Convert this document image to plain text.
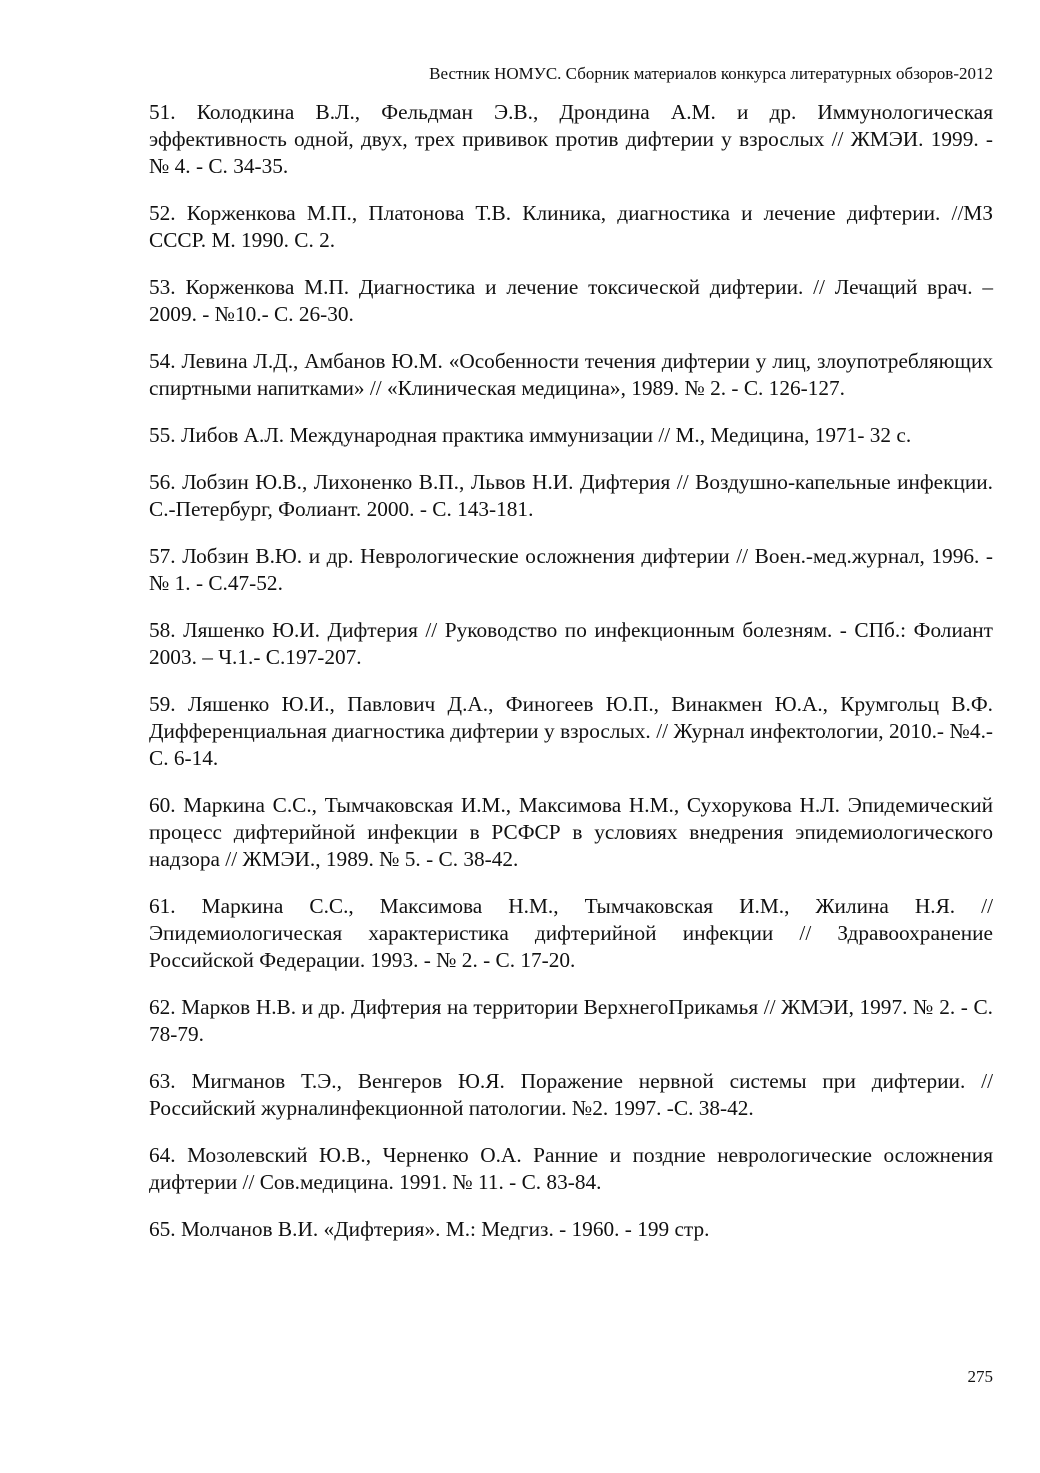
Вестник НОМУС. Сборник материалов конкурса литературных обзоров-2012
51. Колодкина В.Л., Фельдман Э.В., Дрондина А.М. и др. Иммунологическая эффективность одной, двух, трех прививок против дифтерии у взрослых // ЖМЭИ. 1999. - № 4. - С. 34-35.
52. Корженкова М.П., Платонова Т.В. Клиника, диагностика и лечение дифтерии. //МЗ СССР. М. 1990. С. 2.
53. Корженкова М.П. Диагностика и лечение токсической дифтерии. // Лечащий врач. – 2009. - №10.- С. 26-30.
54. Левина Л.Д., Амбанов Ю.М. «Особенности течения дифтерии у лиц, злоупотребляющих спиртными напитками» // «Клиническая медицина», 1989. № 2. - С. 126-127.
55. Либов А.Л. Международная практика иммунизации // М., Медицина, 1971- 32 с.
56. Лобзин Ю.В., Лихоненко В.П., Львов Н.И. Дифтерия // Воздушно-капельные инфекции. С.-Петербург, Фолиант. 2000. - С. 143-181.
57. Лобзин В.Ю. и др. Неврологические осложнения дифтерии // Воен.-мед.журнал, 1996. - № 1. - С.47-52.
58. Ляшенко Ю.И. Дифтерия // Руководство по инфекционным болезням. - СПб.: Фолиант 2003. – Ч.1.- С.197-207.
59. Ляшенко Ю.И., Павлович Д.А., Финогеев Ю.П., Винакмен Ю.А., Крумгольц В.Ф. Дифференциальная диагностика дифтерии у взрослых. // Журнал инфектологии, 2010.- №4.- С. 6-14.
60. Маркина С.С., Тымчаковская И.М., Максимова Н.М., Сухорукова Н.Л. Эпидемический процесс дифтерийной инфекции в РСФСР в условиях внедрения эпидемиологического надзора // ЖМЭИ., 1989. № 5. - С. 38-42.
61. Маркина С.С., Максимова Н.М., Тымчаковская И.М., Жилина Н.Я. // Эпидемиологическая характеристика дифтерийной инфекции // Здравоохранение Российской Федерации. 1993. - № 2. - С. 17-20.
62. Марков Н.В. и др. Дифтерия на территории ВерхнегоПрикамья // ЖМЭИ, 1997. № 2. - С. 78-79.
63. Мигманов Т.Э., Венгеров Ю.Я. Поражение нервной системы при дифтерии. //Российский журналинфекционной патологии. №2. 1997. -С. 38-42.
64. Мозолевский Ю.В., Черненко О.А. Ранние и поздние неврологические осложнения дифтерии // Сов.медицина. 1991. № 11. - С. 83-84.
65. Молчанов В.И. «Дифтерия». М.: Медгиз. - 1960. - 199 стр.
275
